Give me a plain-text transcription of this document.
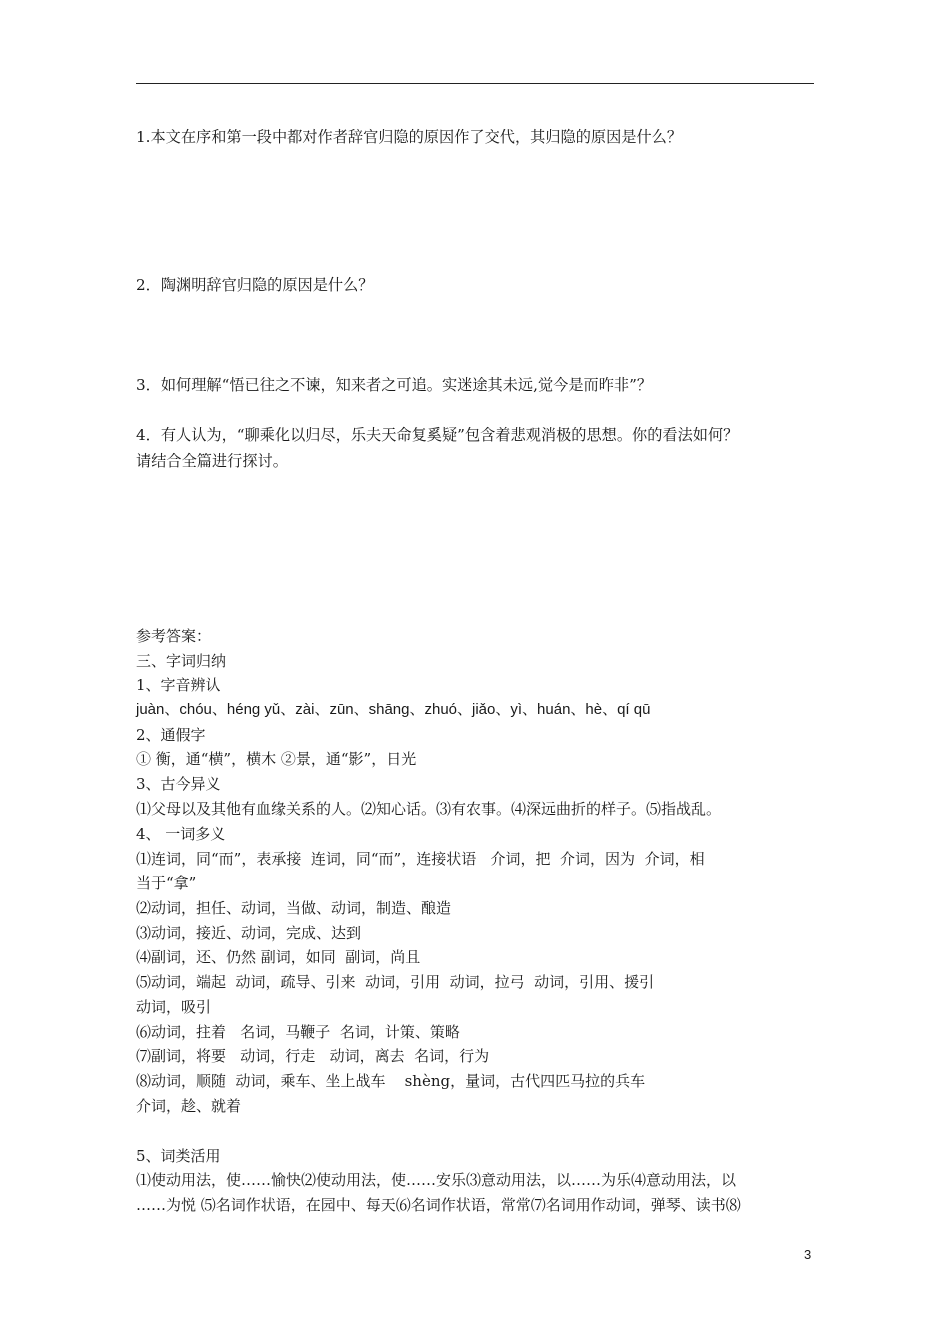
1.本文在序和第一段中都对作者辞官归隐的原因作了交代，其归隐的原因是什么？
2．陶渊明辞官归隐的原因是什么？
3．如何理解“悟已往之不谏，知来者之可追。实迷途其未远,觉今是而昨非”？
4．有人认为，“聊乘化以归尽，乐夫天命复奚疑”包含着悲观消极的思想。你的看法如何？
请结合全篇进行探讨。
参考答案：
三、字词归纳
1、字音辨认
juàn、chóu、héng yǔ、zài、zūn、shāng、zhuó、jiǎo、yì、huán、hè、qí qū
2、通假字
① 衡，通“横”，横木 ②景，通“影”，日光
3、古今异义
⑴父母以及其他有血缘关系的人。⑵知心话。⑶有农事。⑷深远曲折的样子。⑸指战乱。
4、 一词多义
⑴连词，同“而”，表承接  连词，同“而”，连接状语   介词，把  介词，因为  介词，相
当于“拿”
⑵动词，担任、动词，当做、动词，制造、酿造
⑶动词，接近、动词，完成、达到
⑷副词，还、仍然 副词，如同  副词，尚且
⑸动词，端起  动词，疏导、引来  动词，引用  动词，拉弓  动词，引用、援引
动词，吸引
⑹动词，拄着   名词，马鞭子  名词，计策、策略
⑺副词，将要   动词，行走   动词，离去  名词，行为
⑻动词，顺随  动词，乘车、坐上战车    shèng，量词，古代四匹马拉的兵车
介词，趁、就着
5、词类活用
⑴使动用法，使……愉快⑵使动用法，使……安乐⑶意动用法，以……为乐⑷意动用法，以
……为悦 ⑸名词作状语，在园中、每天⑹名词作状语，常常⑺名词用作动词，弹琴、读书⑻
3
